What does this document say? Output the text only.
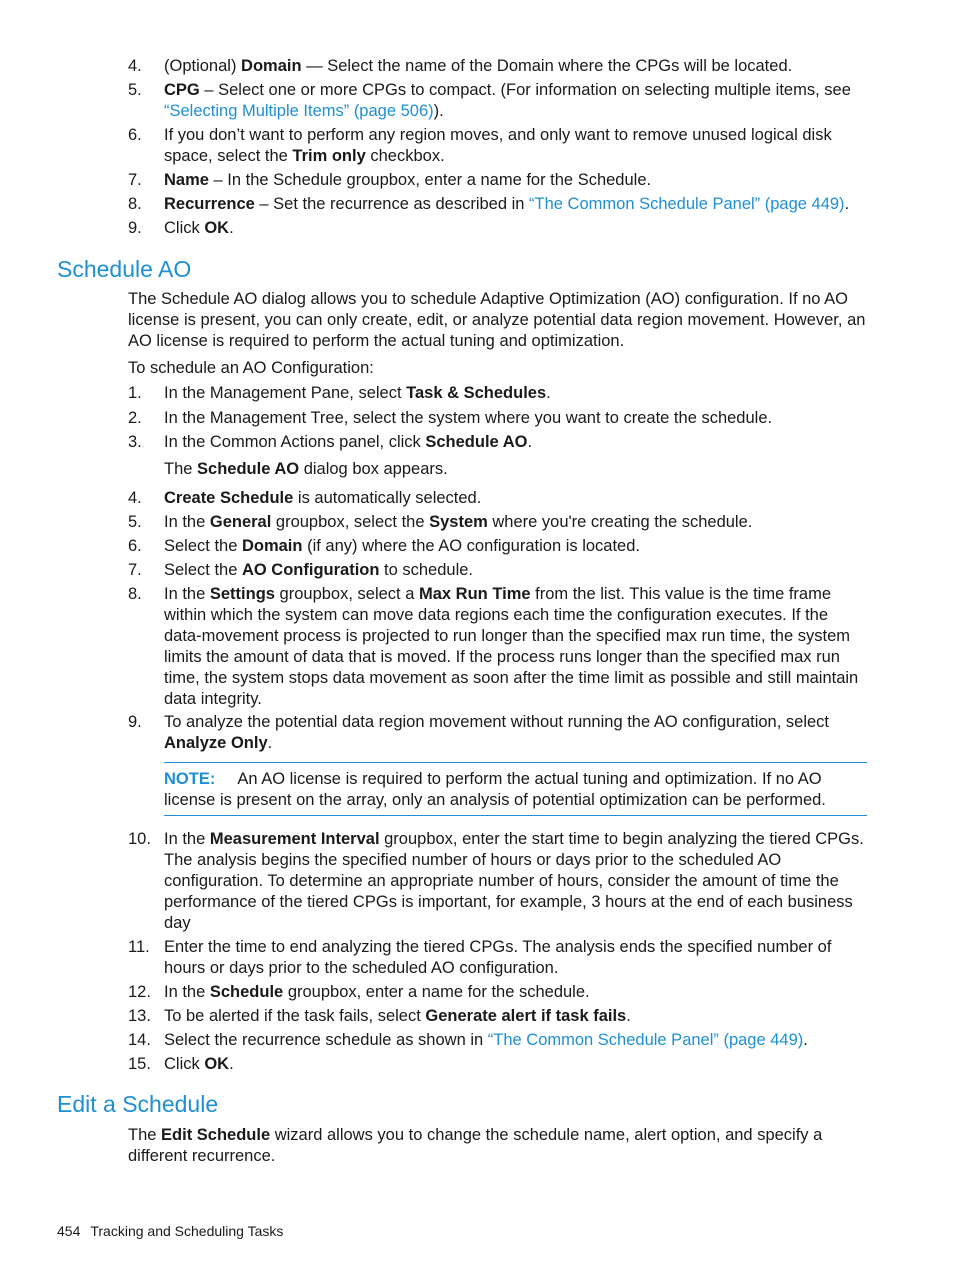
4.	(Optional) Domain — Select the name of the Domain where the CPGs will be located.
5.	CPG – Select one or more CPGs to compact. (For information on selecting multiple items, see “Selecting Multiple Items” (page 506)).
6.	If you don’t want to perform any region moves, and only want to remove unused logical disk space, select the Trim only checkbox.
7.	Name – In the Schedule groupbox, enter a name for the Schedule.
8.	Recurrence – Set the recurrence as described in “The Common Schedule Panel” (page 449).
9.	Click OK.
Schedule AO
The Schedule AO dialog allows you to schedule Adaptive Optimization (AO) configuration. If no AO license is present, you can only create, edit, or analyze potential data region movement. However, an AO license is required to perform the actual tuning and optimization.
To schedule an AO Configuration:
1.	In the Management Pane, select Task & Schedules.
2.	In the Management Tree, select the system where you want to create the schedule.
3.	In the Common Actions panel, click Schedule AO.
The Schedule AO dialog box appears.
4.	Create Schedule is automatically selected.
5.	In the General groupbox, select the System where you're creating the schedule.
6.	Select the Domain (if any) where the AO configuration is located.
7.	Select the AO Configuration to schedule.
8.	In the Settings groupbox, select a Max Run Time from the list. This value is the time frame within which the system can move data regions each time the configuration executes. If the data-movement process is projected to run longer than the specified max run time, the system limits the amount of data that is moved. If the process runs longer than the specified max run time, the system stops data movement as soon after the time limit as possible and still maintain data integrity.
9.	To analyze the potential data region movement without running the AO configuration, select Analyze Only.
NOTE: An AO license is required to perform the actual tuning and optimization. If no AO license is present on the array, only an analysis of potential optimization can be performed.
10. In the Measurement Interval groupbox, enter the start time to begin analyzing the tiered CPGs. The analysis begins the specified number of hours or days prior to the scheduled AO configuration. To determine an appropriate number of hours, consider the amount of time the performance of the tiered CPGs is important, for example, 3 hours at the end of each business day
11. Enter the time to end analyzing the tiered CPGs. The analysis ends the specified number of hours or days prior to the scheduled AO configuration.
12. In the Schedule groupbox, enter a name for the schedule.
13. To be alerted if the task fails, select Generate alert if task fails.
14. Select the recurrence schedule as shown in “The Common Schedule Panel” (page 449).
15. Click OK.
Edit a Schedule
The Edit Schedule wizard allows you to change the schedule name, alert option, and specify a different recurrence.
454 Tracking and Scheduling Tasks
